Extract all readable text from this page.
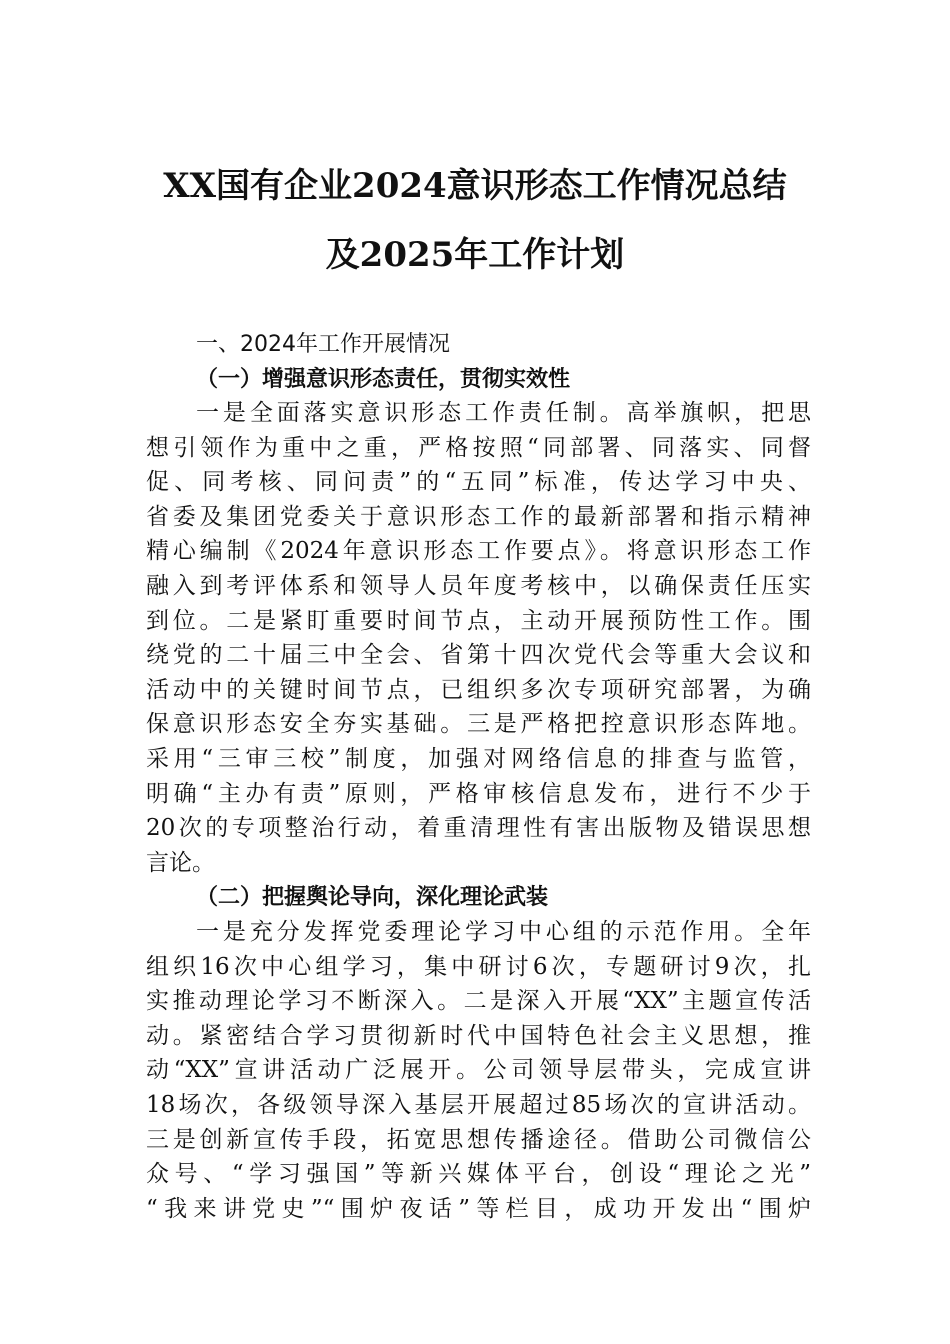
XX国有企业2024意识形态工作情况总结
及2025年工作计划
一、2024年工作开展情况
（一）增强意识形态责任，贯彻实效性
一是全面落实意识形态工作责任制。高举旗帜，把思
想引领作为重中之重，严格按照“同部署、同落实、同督
促、同考核、同问责”的“五同”标准，传达学习中央、
省委及集团党委关于意识形态工作的最新部署和指示精神
精心编制《2024年意识形态工作要点》。将意识形态工作
融入到考评体系和领导人员年度考核中，以确保责任压实
到位。二是紧盯重要时间节点，主动开展预防性工作。围
绕党的二十届三中全会、省第十四次党代会等重大会议和
活动中的关键时间节点，已组织多次专项研究部署，为确
保意识形态安全夯实基础。三是严格把控意识形态阵地。
采用“三审三校”制度，加强对网络信息的排查与监管，
明确“主办有责”原则，严格审核信息发布，进行不少于
20次的专项整治行动，着重清理性有害出版物及错误思想
言论。
（二）把握舆论导向，深化理论武装
一是充分发挥党委理论学习中心组的示范作用。全年
组织16次中心组学习，集中研讨6次，专题研讨9次，扎
实推动理论学习不断深入。二是深入开展“XX”主题宣传活
动。紧密结合学习贯彻新时代中国特色社会主义思想，推
动“XX”宣讲活动广泛展开。公司领导层带头，完成宣讲
18场次，各级领导深入基层开展超过85场次的宣讲活动。
三是创新宣传手段，拓宽思想传播途径。借助公司微信公
众号、“学习强国”等新兴媒体平台，创设“理论之光”
“我来讲党史”“围炉夜话”等栏目，成功开发出“围炉
